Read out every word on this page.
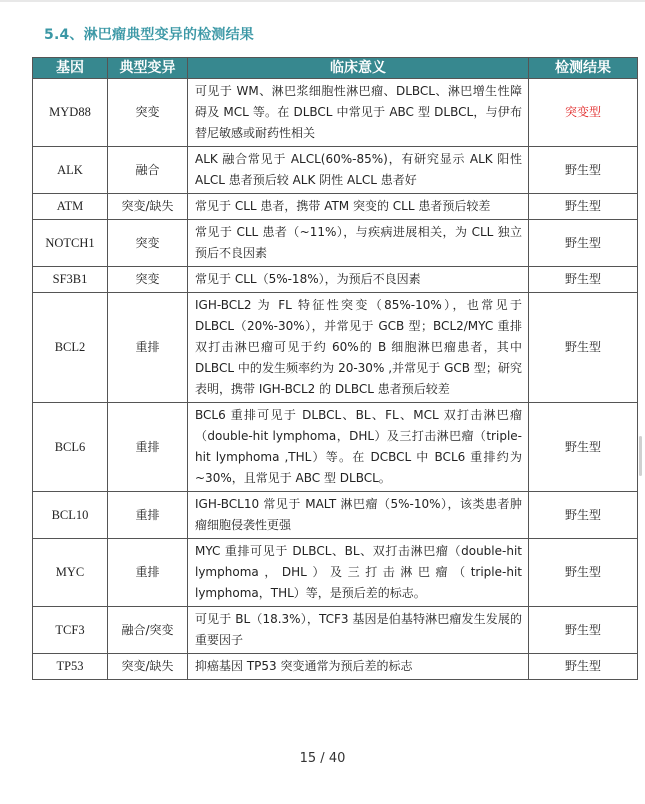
5.4、淋巴瘤典型变异的检测结果
基因	典型变异	临床意义	检测结果
MYD88	突变	可见于 WM、淋巴浆细胞性淋巴瘤、DLBCL、淋巴增生性障碍及 MCL 等。在 DLBCL 中常见于 ABC 型 DLBCL，与伊布替尼敏感或耐药性相关	突变型
ALK	融合	ALK 融合常见于 ALCL(60%-85%)，有研究显示 ALK 阳性 ALCL 患者预后较 ALK 阴性 ALCL 患者好	野生型
ATM	突变/缺失	常见于 CLL 患者，携带 ATM 突变的 CLL 患者预后较差	野生型
NOTCH1	突变	常见于 CLL 患者（~11%），与疾病进展相关，为 CLL 独立预后不良因素	野生型
SF3B1	突变	常见于 CLL（5%-18%），为预后不良因素	野生型
BCL2	重排	IGH-BCL2 为 FL 特征性突变（85%-10%），也常见于 DLBCL（20%-30%），并常见于 GCB 型；BCL2/MYC 重排双打击淋巴瘤可见于约 60%的 B 细胞淋巴瘤患者，其中 DLBCL 中的发生频率约为 20-30% ,并常见于 GCB 型；研究表明，携带 IGH-BCL2 的 DLBCL 患者预后较差	野生型
BCL6	重排	BCL6 重排可见于 DLBCL、BL、FL、MCL 双打击淋巴瘤（double-hit lymphoma，DHL）及三打击淋巴瘤（triple-hit lymphoma ,THL）等。在 DCBCL 中 BCL6 重排约为~30%，且常见于 ABC 型 DLBCL。	野生型
BCL10	重排	IGH-BCL10 常见于 MALT 淋巴瘤（5%-10%），该类患者肿瘤细胞侵袭性更强	野生型
MYC	重排	MYC 重排可见于 DLBCL、BL、双打击淋巴瘤（double-hit lymphoma，DHL）及三打击淋巴瘤（triple-hit lymphoma，THL）等，是预后差的标志。	野生型
TCF3	融合/突变	可见于 BL（18.3%），TCF3 基因是伯基特淋巴瘤发生发展的重要因子	野生型
TP53	突变/缺失	抑癌基因 TP53 突变通常为预后差的标志	野生型
15 / 40
